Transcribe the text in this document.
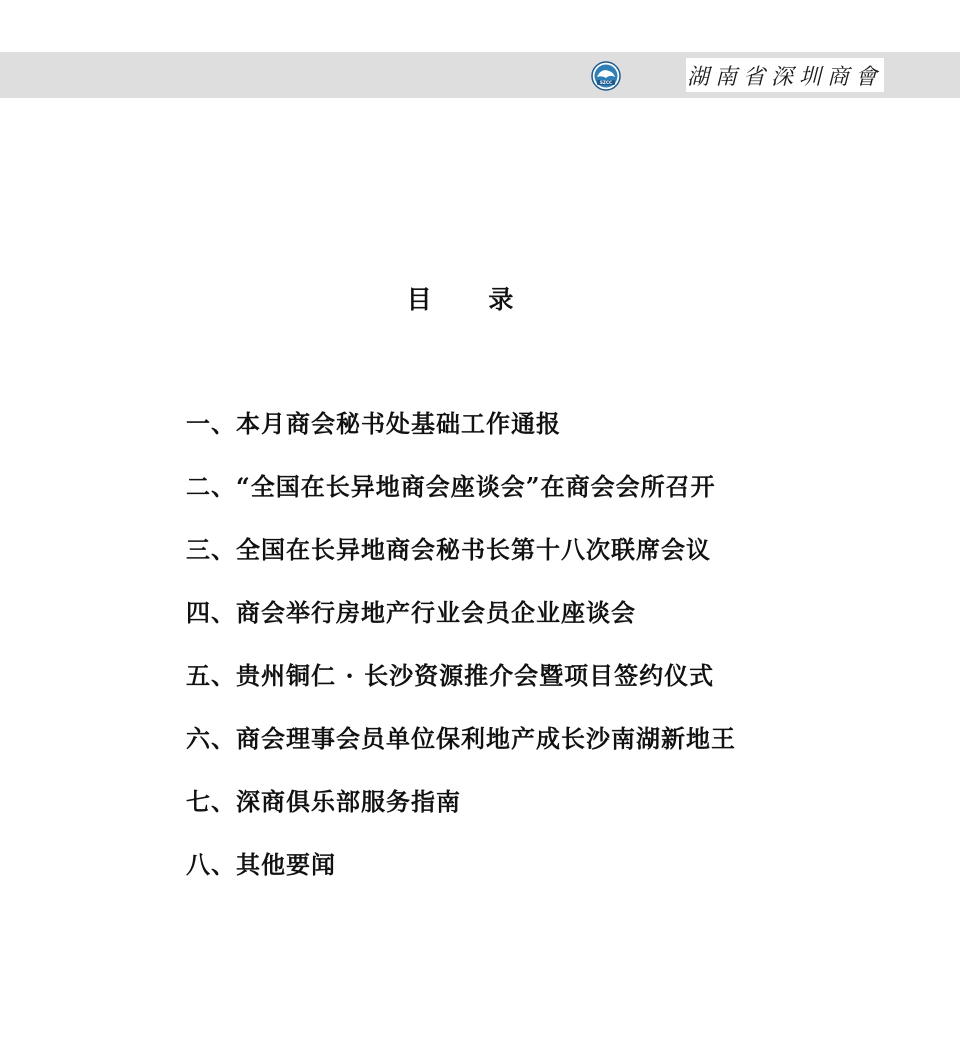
SZCC	湖南省深圳商會
目 录
一、本月商会秘书处基础工作通报
二、“全国在长异地商会座谈会”在商会会所召开
三、全国在长异地商会秘书长第十八次联席会议
四、商会举行房地产行业会员企业座谈会
五、贵州铜仁 · 长沙资源推介会暨项目签约仪式
六、商会理事会员单位保利地产成长沙南湖新地王
七、深商俱乐部服务指南
八、其他要闻
